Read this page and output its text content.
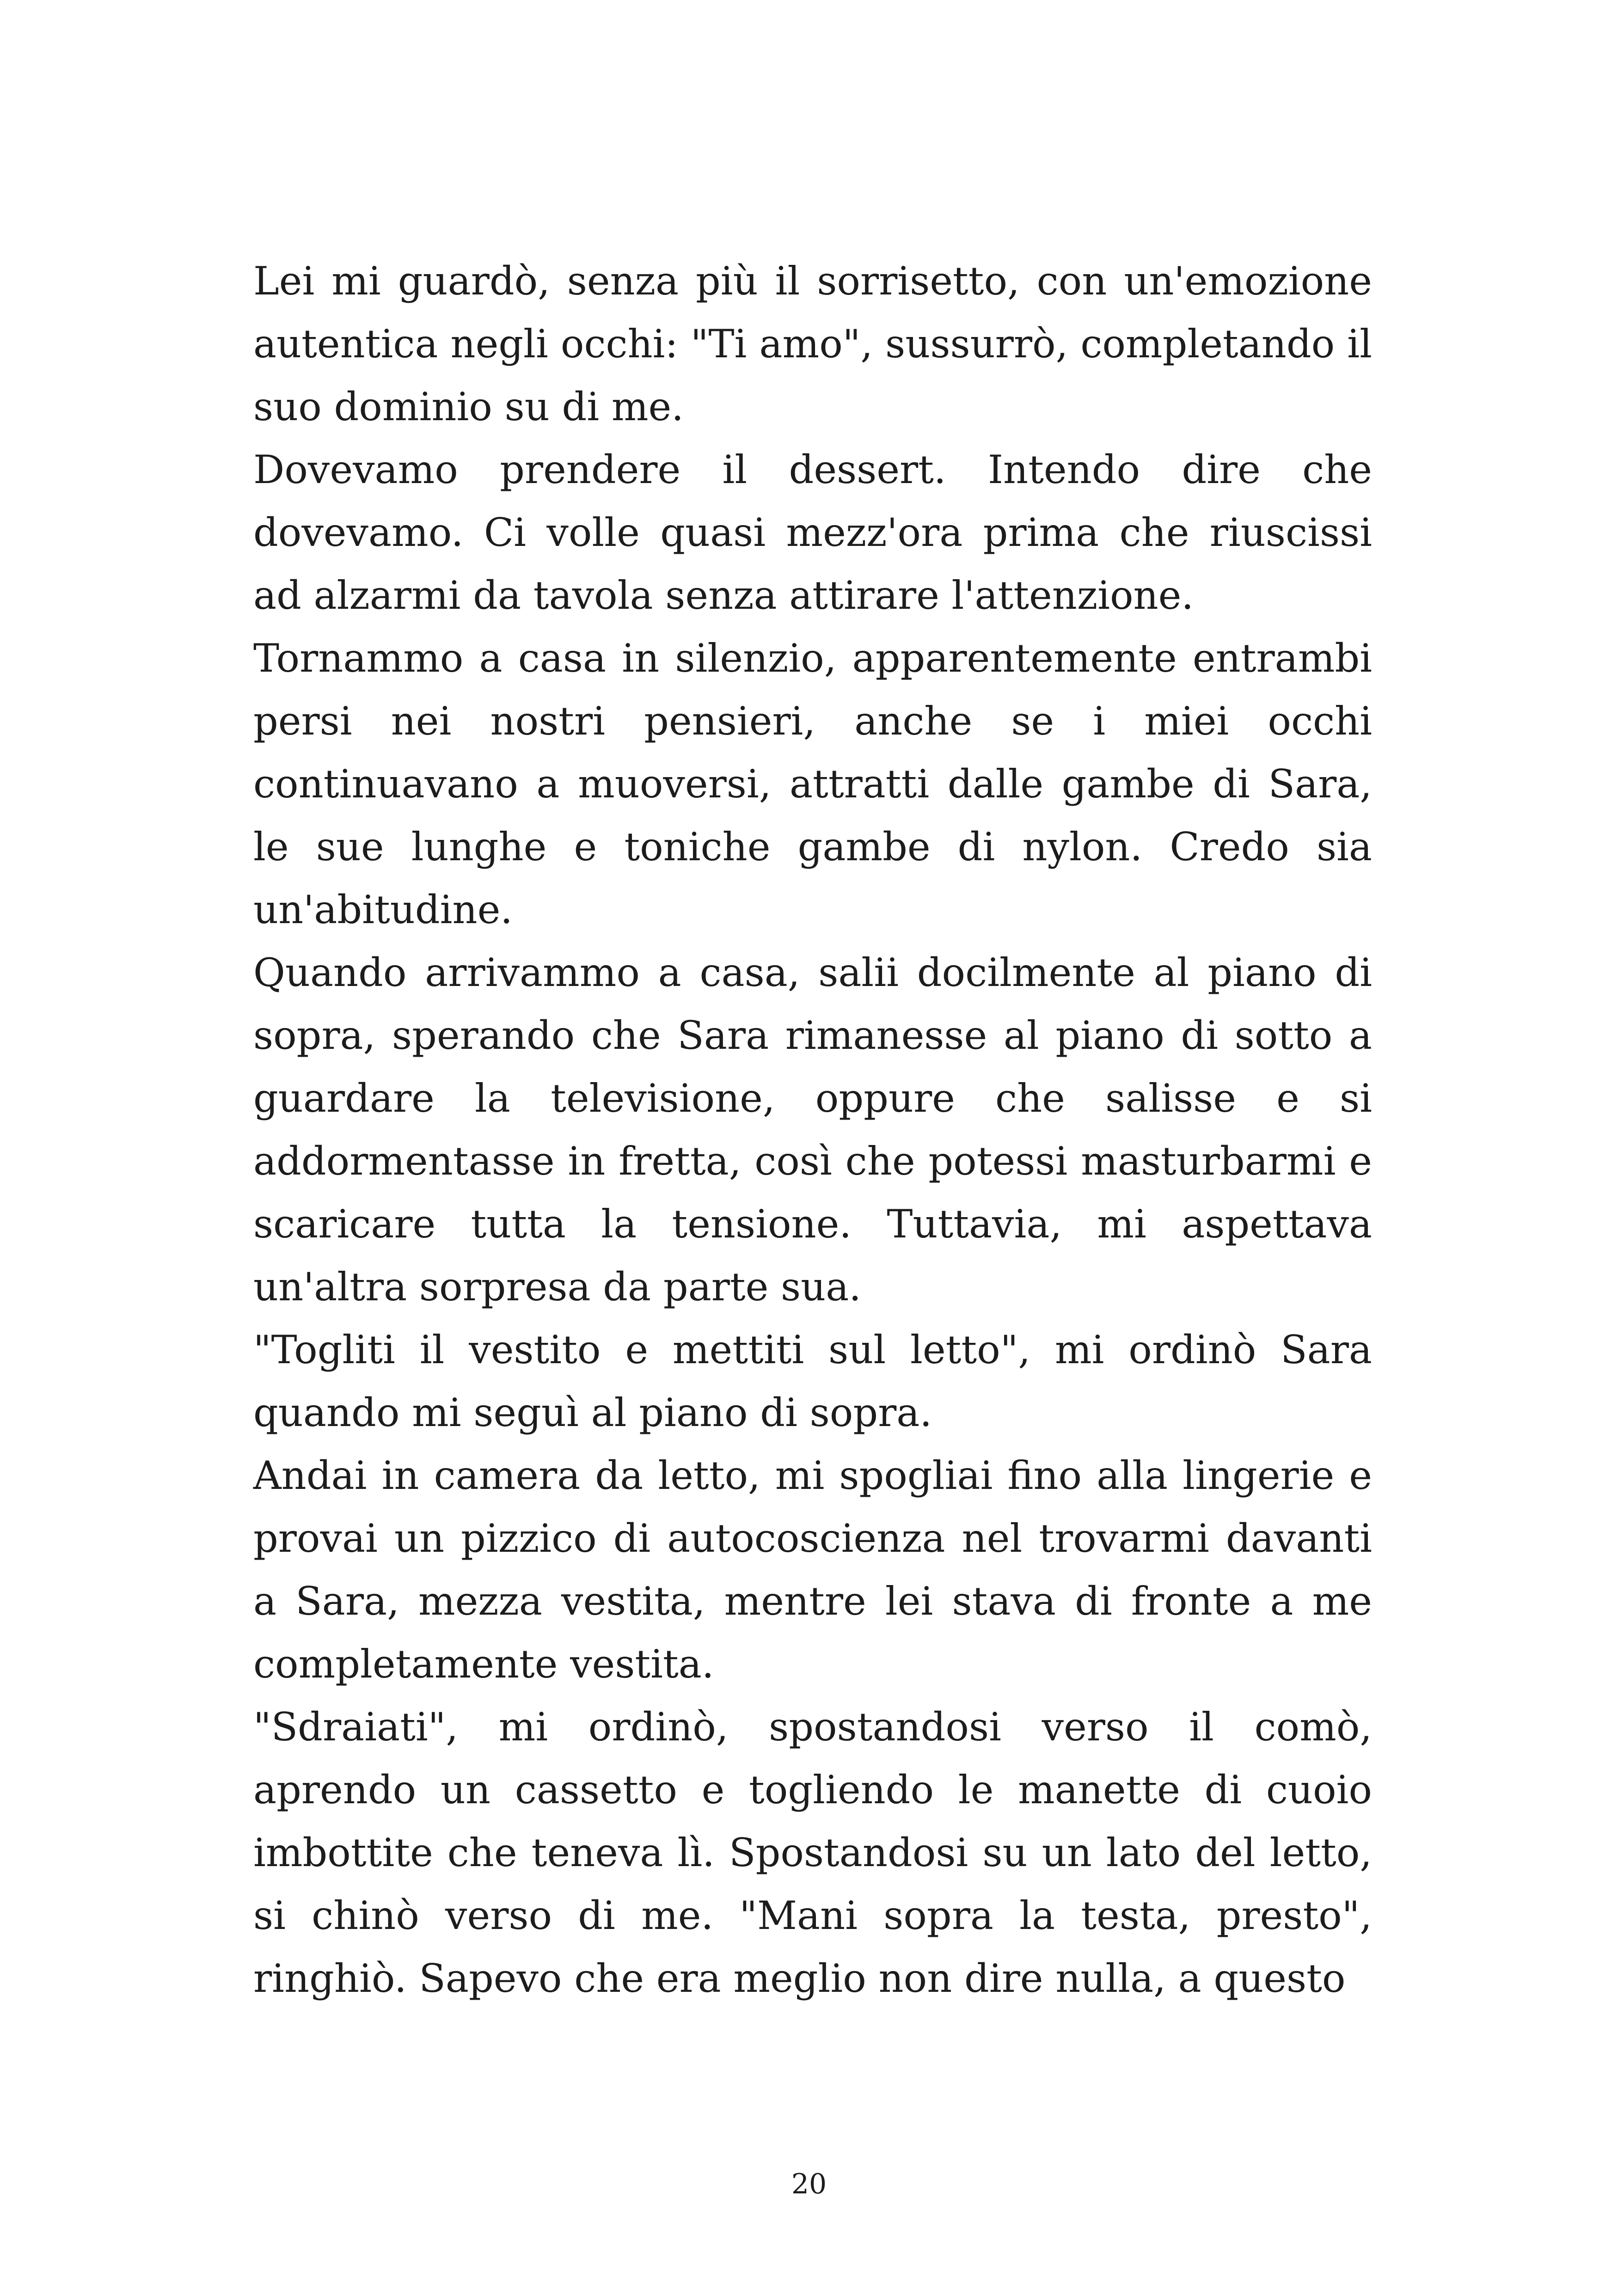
Lei mi guardò, senza più il sorrisetto, con un'emozione autentica negli occhi: "Ti amo", sussurrò, completando il suo dominio su di me.

Dovevamo prendere il dessert. Intendo dire che dovevamo. Ci volle quasi mezz'ora prima che riuscissi ad alzarmi da tavola senza attirare l'attenzione.

Tornammo a casa in silenzio, apparentemente entrambi persi nei nostri pensieri, anche se i miei occhi continuavano a muoversi, attratti dalle gambe di Sara, le sue lunghe e toniche gambe di nylon. Credo sia un'abitudine.

Quando arrivammo a casa, salii docilmente al piano di sopra, sperando che Sara rimanesse al piano di sotto a guardare la televisione, oppure che salisse e si addormentasse in fretta, così che potessi masturbarmi e scaricare tutta la tensione. Tuttavia, mi aspettava un'altra sorpresa da parte sua.

"Togliti il vestito e mettiti sul letto", mi ordinò Sara quando mi seguì al piano di sopra.

Andai in camera da letto, mi spogliai fino alla lingerie e provai un pizzico di autocoscienza nel trovarmi davanti a Sara, mezza vestita, mentre lei stava di fronte a me completamente vestita.

"Sdraiati", mi ordinò, spostandosi verso il comò, aprendo un cassetto e togliendo le manette di cuoio imbottite che teneva lì. Spostandosi su un lato del letto, si chinò verso di me. "Mani sopra la testa, presto", ringhiò. Sapevo che era meglio non dire nulla, a questo

20
